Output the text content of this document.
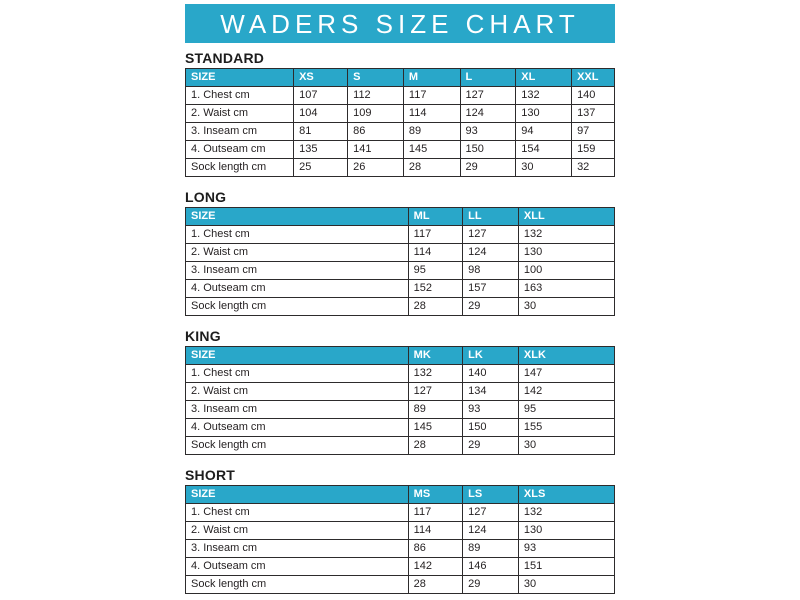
WADERS SIZE CHART
STANDARD
SIZE	XS	S	M	L	XL	XXL
1. Chest cm	107	112	117	127	132	140
2. Waist cm	104	109	114	124	130	137
3. Inseam cm	81	86	89	93	94	97
4. Outseam cm	135	141	145	150	154	159
Sock length cm	25	26	28	29	30	32
LONG
SIZE	ML	LL	XLL
1. Chest cm	117	127	132
2. Waist cm	114	124	130
3. Inseam cm	95	98	100
4. Outseam cm	152	157	163
Sock length cm	28	29	30
KING
SIZE	MK	LK	XLK
1. Chest cm	132	140	147
2. Waist cm	127	134	142
3. Inseam cm	89	93	95
4. Outseam cm	145	150	155
Sock length cm	28	29	30
SHORT
SIZE	MS	LS	XLS
1. Chest cm	117	127	132
2. Waist cm	114	124	130
3. Inseam cm	86	89	93
4. Outseam cm	142	146	151
Sock length cm	28	29	30
